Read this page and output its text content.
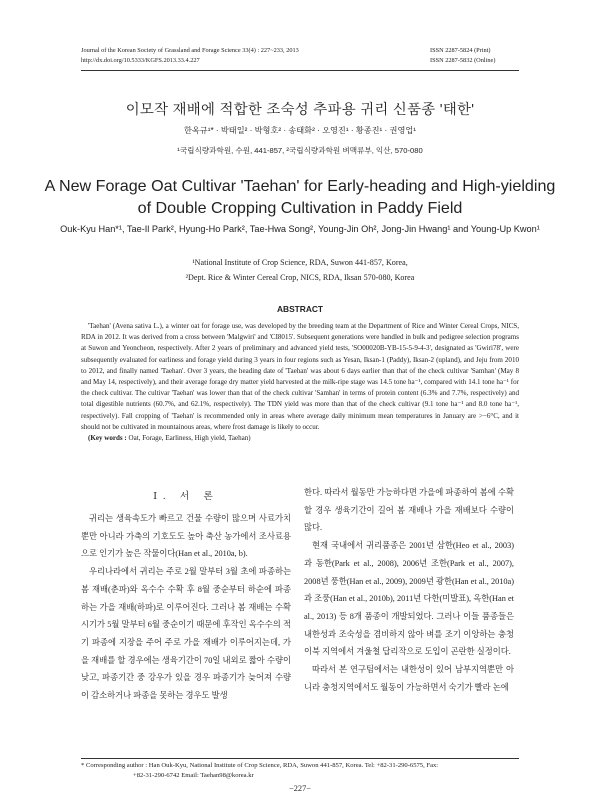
Journal of the Korean Society of Grassland and Forage Science 33(4) : 227~233, 2013
http://dx.doi.org/10.5333/KGFS.2013.33.4.227
ISSN 2287-5824 (Print)
ISSN 2287-5832 (Online)
이모작 재배에 적합한 조숙성 추파용 귀리 신품종 '태한'
한옥규¹* · 박태일² · 박형호² · 송태화² · 오영진¹ · 황종진¹ · 권영업¹
¹국립식량과학원, 수원, 441-857, ²국립식량과학원 벼맥류부, 익산, 570-080
A New Forage Oat Cultivar 'Taehan' for Early-heading and High-yielding of Double Cropping Cultivation in Paddy Field
Ouk-Kyu Han*¹, Tae-Il Park², Hyung-Ho Park², Tae-Hwa Song², Young-Jin Oh², Jong-Jin Hwang¹ and Young-Up Kwon¹
¹National Institute of Crop Science, RDA, Suwon 441-857, Korea,
²Dept. Rice & Winter Cereal Crop, NICS, RDA, Iksan 570-080, Korea
ABSTRACT

'Taehan' (Avena sativa L.), a winter oat for forage use, was developed by the breeding team at the Department of Rice and Winter Cereal Crops, NICS, RDA in 2012. It was derived from a cross between 'Malgwiri' and 'CI8015'. Subsequent generations were handled in bulk and pedigree selection programs at Suwon and Yeoncheon, respectively. After 2 years of preliminary and advanced yield tests, 'SO00020B-YB-15-5-9-4-3', designated as 'Gwiri78', were subsequently evaluated for earliness and forage yield during 3 years in four regions such as Yesan, Iksan-1 (Paddy), Iksan-2 (upland), and Jeju from 2010 to 2012, and finally named 'Taehan'. Over 3 years, the heading date of 'Taehan' was about 6 days earlier than that of the check cultivar 'Samhan' (May 8 and May 14, respectively), and their average forage dry matter yield harvested at the milk-ripe stage was 14.5 tone ha⁻¹, compared with 14.1 tone ha⁻¹ for the check cultivar. The cultivar 'Taehan' was lower than that of the check cultivar 'Samhan' in terms of protein content (6.3% and 7.7%, respectively) and total digestible nutrients (60.7%, and 62.1%, respectively). The TDN yield was more than that of the check cultivar (9.1 tone ha⁻¹ and 8.0 tone ha⁻¹, respectively). Fall cropping of 'Taehan' is recommended only in areas where average daily minimum mean temperatures in January are >−6°C, and it should not be cultivated in mountainous areas, where frost damage is likely to occur.

(Key words : Oat, Forage, Earliness, High yield, Taehan)

Ⅰ. 서 론

귀리는 생육속도가 빠르고 건물 수량이 많으며 사료가치뿐만 아니라 가축의 기호도도 높아 축산 농가에서 조사료용으로 인기가 높은 작물이다(Han et al., 2010a, b).

우리나라에서 귀리는 주로 2월 말부터 3월 초에 파종하는 봄 재배(춘파)와 옥수수 수확 후 8월 중순부터 하순에 파종하는 가을 재배(하파)로 이루어진다. 그러나 봄 재배는 수확시기가 5월 말부터 6월 중순이기 때문에 후작인 옥수수의 적기 파종에 지장을 주어 주로 가을 재배가 이루어지는데, 가을 재배를 할 경우에는 생육기간이 70일 내외로 짧아 수량이 낮고, 파종기간 중 강우가 있을 경우 파종기가 늦어져 수량이 감소하거나 파종을 못하는 경우도 발생

한다. 따라서 월동만 가능하다면 가을에 파종하여 봄에 수확할 경우 생육기간이 길어 봄 재배나 가을 재배보다 수량이 많다.

현재 국내에서 귀리품종은 2001년 삼한(Heo et al., 2003)과 동한(Park et al., 2008), 2006년 조한(Park et al., 2007), 2008년 풍한(Han et al., 2009), 2009년 광한(Han et al., 2010a)과 조풍(Han et al., 2010b), 2011년 다한(미발표), 옥한(Han et al., 2013) 등 8개 품종이 개발되었다. 그러나 이들 품종들은 내한성과 조숙성을 겸비하지 않아 벼를 조기 이앙하는 충청 이북 지역에서 겨울철 답리작으로 도입이 곤란한 실정이다.

따라서 본 연구팀에서는 내한성이 있어 남부지역뿐만 아니라 충청지역에서도 월동이 가능하면서 숙기가 빨라 논에

* Corresponding author : Han Ouk-Kyu, National Institute of Crop Science, RDA, Suwon 441-857, Korea. Tel: +82-31-290-6575, Fax:
+82-31-290-6742 Email: Taehan98@korea.kr
−227−
